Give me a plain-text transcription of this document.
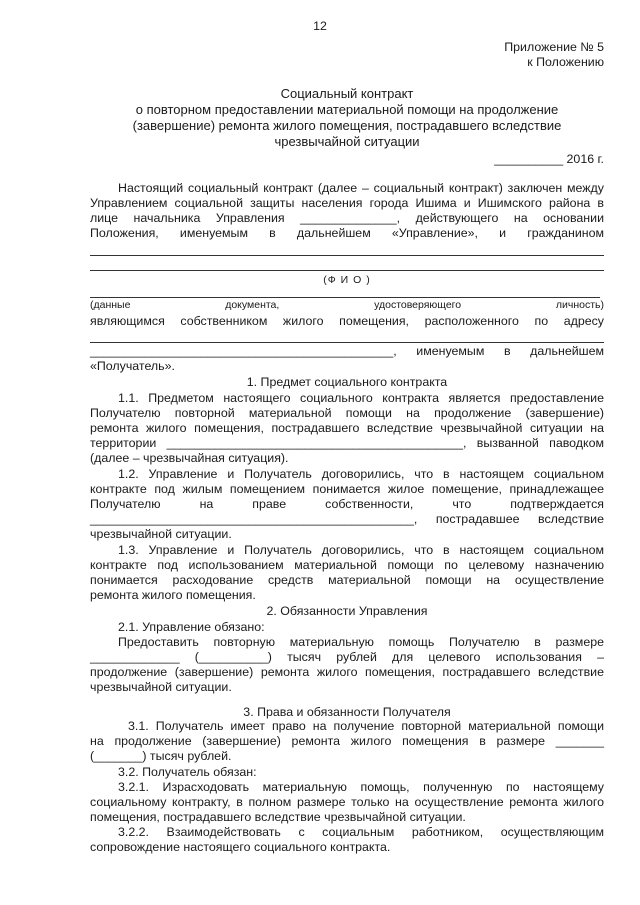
12
Приложение № 5
к Положению
Социальный контракт
о повторном предоставлении материальной помощи на продолжение
(завершение) ремонта жилого помещения, пострадавшего вследствие
чрезвычайной ситуации
__________ 2016 г.
Настоящий социальный контракт (далее – социальный контракт) заключен между
Управлением социальной защиты населения города Ишима и Ишимского района в
лице начальника Управления ______________, действующего на основании
Положения, именуемым в дальнейшем «Управление», и гражданином
(Ф И О )
(данные документа, удостоверяющего личность)
являющимся собственником жилого помещения, расположенного по адресу
____________________________________________, именуемым в дальнейшем
«Получатель».
1. Предмет социального контракта
1.1. Предметом настоящего социального контракта является предоставление
Получателю повторной материальной помощи на продолжение (завершение)
ремонта жилого помещения, пострадавшего вследствие чрезвычайной ситуации на
территории ___________________________________________, вызванной паводком
(далее – чрезвычайная ситуация).
1.2. Управление и Получатель договорились, что в настоящем социальном
контракте под жилым помещением понимается жилое помещение, принадлежащее
Получателю на праве собственности, что подтверждается
_______________________________________________, пострадавшее вследствие
чрезвычайной ситуации.
1.3. Управление и Получатель договорились, что в настоящем социальном
контракте под использованием материальной помощи по целевому назначению
понимается расходование средств материальной помощи на осуществление
ремонта жилого помещения.
2. Обязанности Управления
2.1. Управление обязано:
Предоставить повторную материальную помощь Получателю в размере
_____________ (__________) тысяч рублей для целевого использования –
продолжение (завершение) ремонта жилого помещения, пострадавшего вследствие
чрезвычайной ситуации.
3. Права и обязанности Получателя
3.1. Получатель имеет право на получение повторной материальной помощи
на продолжение (завершение) ремонта жилого помещения в размере _______
(_______) тысяч рублей.
3.2. Получатель обязан:
3.2.1. Израсходовать материальную помощь, полученную по настоящему
социальному контракту, в полном размере только на осуществление ремонта жилого
помещения, пострадавшего вследствие чрезвычайной ситуации.
3.2.2. Взаимодействовать с социальным работником, осуществляющим
сопровождение настоящего социального контракта.
